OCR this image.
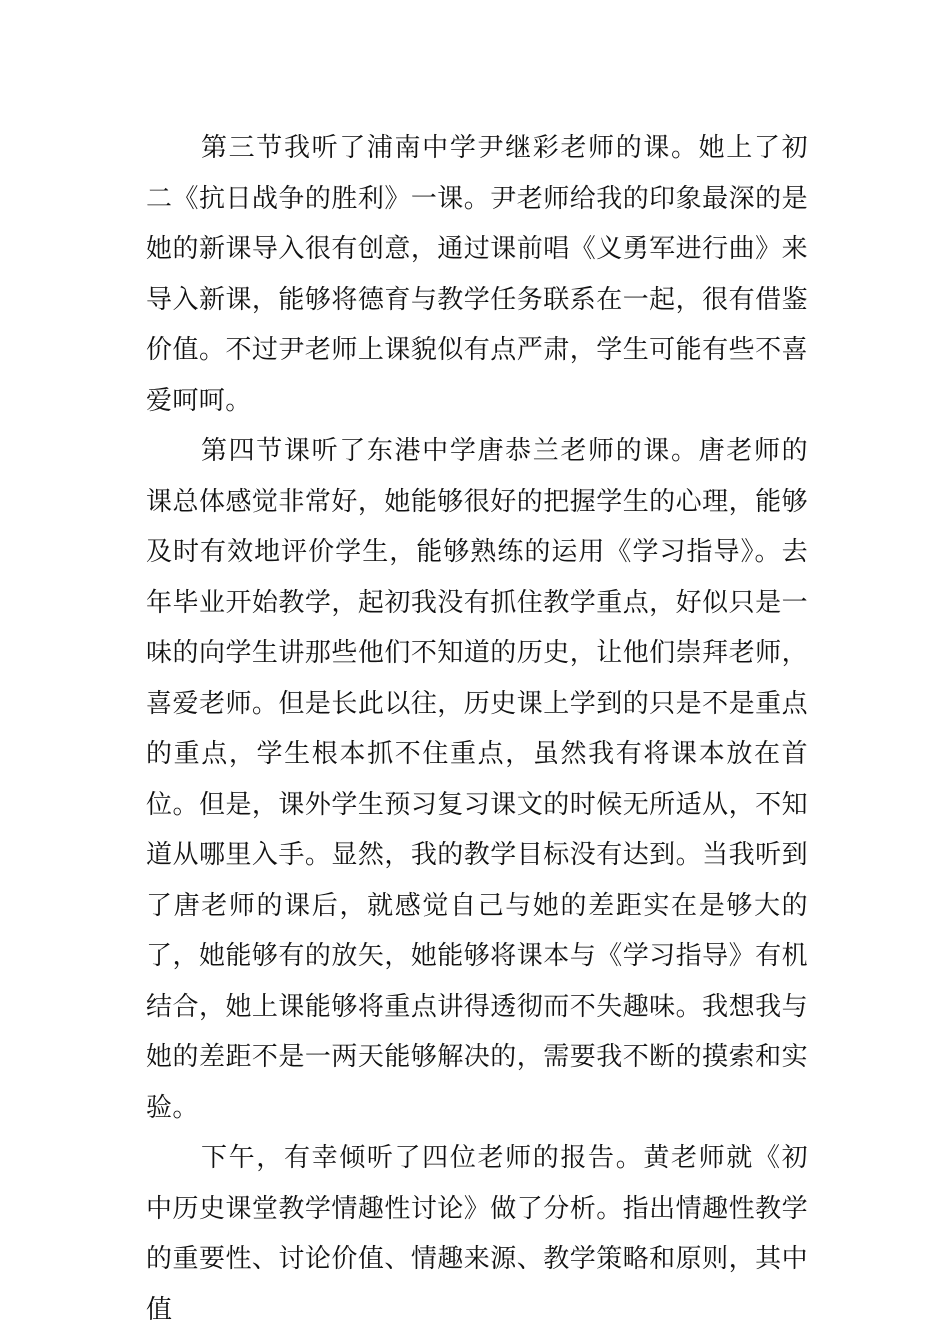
第三节我听了浦南中学尹继彩老师的课。她上了初二《抗日战争的胜利》一课。尹老师给我的印象最深的是她的新课导入很有创意，通过课前唱《义勇军进行曲》来导入新课，能够将德育与教学任务联系在一起，很有借鉴价值。不过尹老师上课貌似有点严肃，学生可能有些不喜爱呵呵。

第四节课听了东港中学唐恭兰老师的课。唐老师的课总体感觉非常好，她能够很好的把握学生的心理，能够及时有效地评价学生，能够熟练的运用《学习指导》。去年毕业开始教学，起初我没有抓住教学重点，好似只是一味的向学生讲那些他们不知道的历史，让他们崇拜老师，喜爱老师。但是长此以往，历史课上学到的只是不是重点的重点，学生根本抓不住重点，虽然我有将课本放在首位。但是，课外学生预习复习课文的时候无所适从，不知道从哪里入手。显然，我的教学目标没有达到。当我听到了唐老师的课后，就感觉自己与她的差距实在是够大的了，她能够有的放矢，她能够将课本与《学习指导》有机结合，她上课能够将重点讲得透彻而不失趣味。我想我与她的差距不是一两天能够解决的，需要我不断的摸索和实验。

下午，有幸倾听了四位老师的报告。黄老师就《初中历史课堂教学情趣性讨论》做了分析。指出情趣性教学的重要性、讨论价值、情趣来源、教学策略和原则，其中值
